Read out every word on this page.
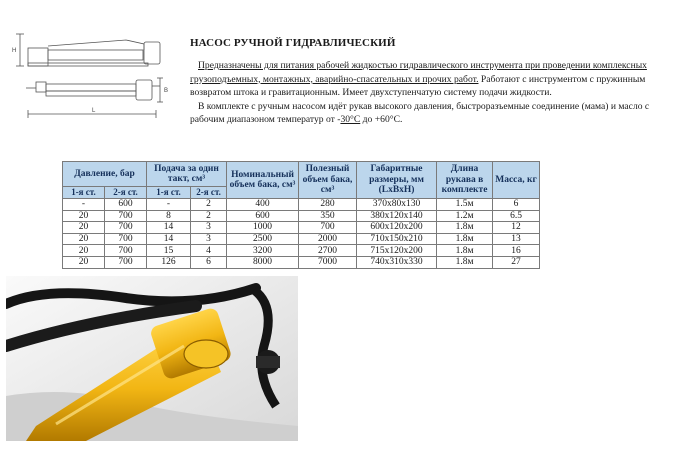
H
B
L
НАСОС РУЧНОЙ ГИДРАВЛИЧЕСКИЙ

Предназначены для питания рабочей жидкостью гидравлического инструмента при проведении комплексных грузоподъемных, монтажных, аварийно-спасательных и прочих работ. Работают с инструментом с пружинным возвратом штока и гравитационным. Имеет двухступенчатую систему подачи жидкости.

В комплекте с ручным насосом идёт рукав высокого давления, быстроразъемные соединение (мама) и масло с рабочим диапазоном температур от -30°C до +60°C.

Давление, бар		Подача за один такт, см³		Номинальный объем бака, см³	Полезный объем бака, см³	Габаритные размеры, мм (LxBxH)	Длина рукава в комплекте	Масса, кг
1-я ст.	2-я ст.	1-я ст.	2-я ст.					
-	600	-	2	400	280	370x80x130	1.5м	6
20	700	8	2	600	350	380x120x140	1.2м	6.5
20	700	14	3	1000	700	600x120x200	1.8м	12
20	700	14	3	2500	2000	710x150x210	1.8м	13
20	700	15	4	3200	2700	715x120x200	1.8м	16
20	700	126	6	8000	7000	740x310x330	1.8м	27
